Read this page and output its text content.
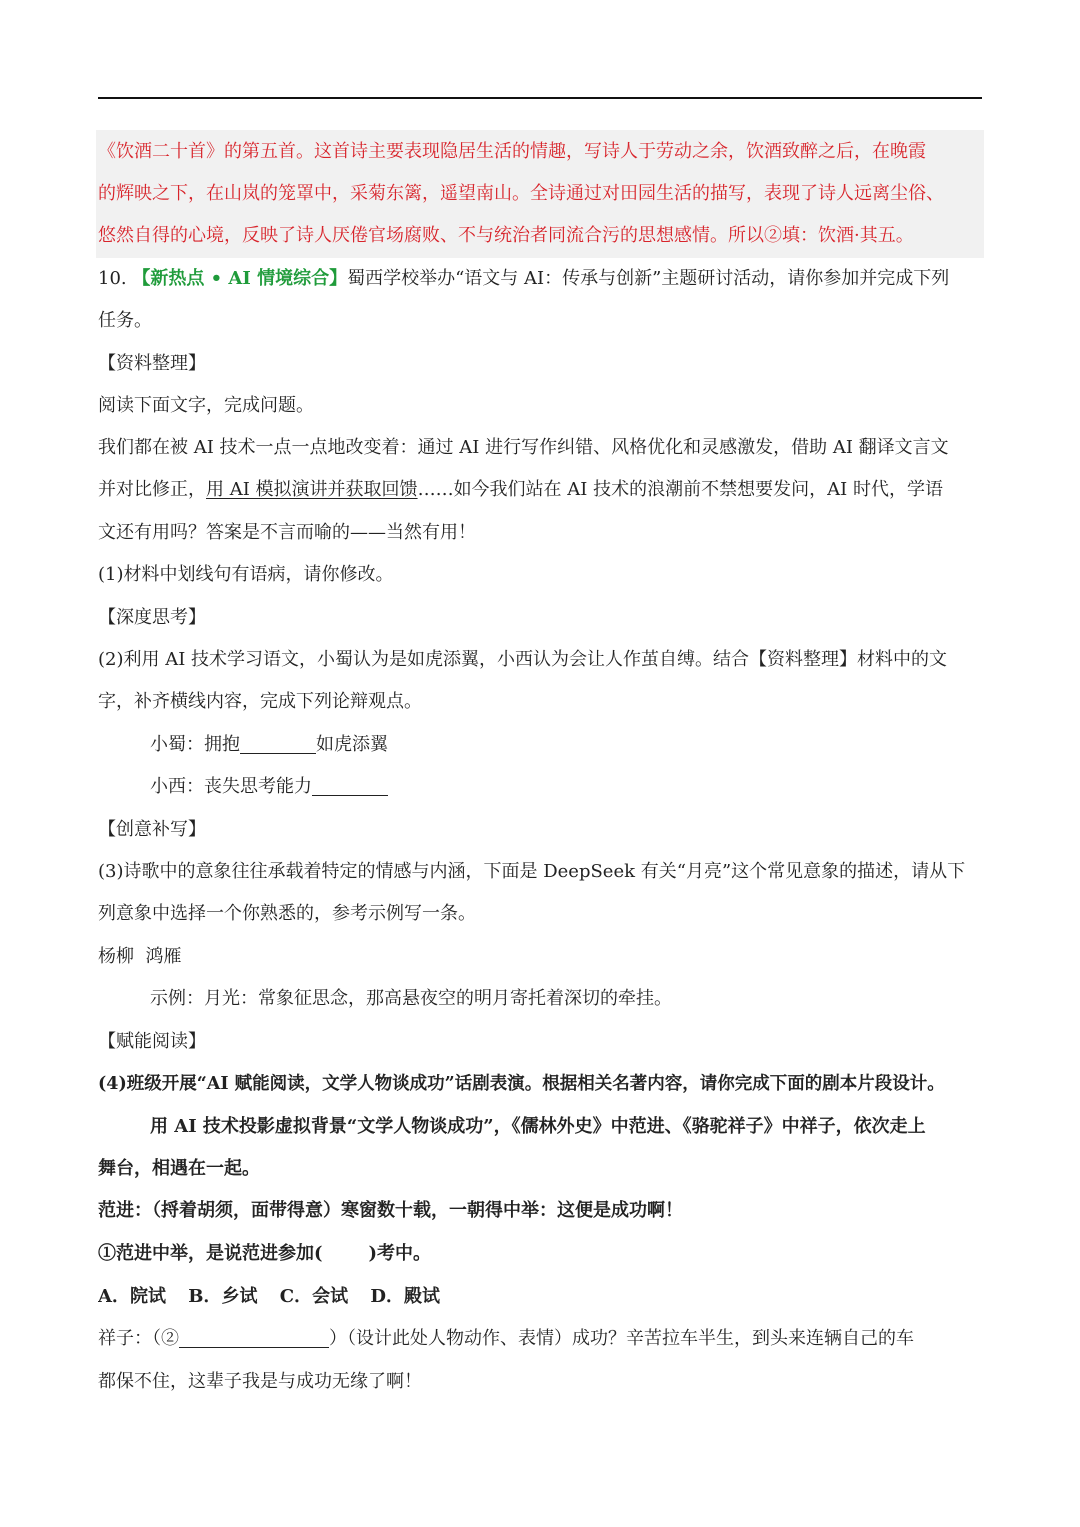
《饮酒二十首》的第五首。这首诗主要表现隐居生活的情趣，写诗人于劳动之余，饮酒致醉之后，在晚霞
的辉映之下，在山岚的笼罩中，采菊东篱，遥望南山。全诗通过对田园生活的描写，表现了诗人远离尘俗、
悠然自得的心境，反映了诗人厌倦官场腐败、不与统治者同流合污的思想感情。所以②填：饮酒·其五。
10. 【新热点 • AI 情境综合】蜀西学校举办“语文与 AI：传承与创新”主题研讨活动，请你参加并完成下列
任务。
【资料整理】
阅读下面文字，完成问题。
我们都在被 AI 技术一点一点地改变着：通过 AI 进行写作纠错、风格优化和灵感激发，借助 AI 翻译文言文
并对比修正，用 AI 模拟演讲并获取回馈……如今我们站在 AI 技术的浪潮前不禁想要发问，AI 时代，学语
文还有用吗？答案是不言而喻的——当然有用！
(1)材料中划线句有语病，请你修改。
【深度思考】
(2)利用 AI 技术学习语文，小蜀认为是如虎添翼，小西认为会让人作茧自缚。结合【资料整理】材料中的文
字，补齐横线内容，完成下列论辩观点。
小蜀：拥抱	如虎添翼
小西：丧失思考能力
【创意补写】
(3)诗歌中的意象往往承载着特定的情感与内涵，下面是 DeepSeek 有关“月亮”这个常见意象的描述，请从下
列意象中选择一个你熟悉的，参考示例写一条。
杨柳  鸿雁
示例：月光：常象征思念，那高悬夜空的明月寄托着深切的牵挂。
【赋能阅读】
(4)班级开展“AI 赋能阅读，文学人物谈成功”话剧表演。根据相关名著内容，请你完成下面的剧本片段设计。
用 AI 技术投影虚拟背景“文学人物谈成功”，《儒林外史》中范进、《骆驼祥子》中祥子，依次走上
舞台，相遇在一起。
范进：（捋着胡须，面带得意）寒窗数十载，一朝得中举：这便是成功啊！
①范进中举，是说范进参加(	)考中。
A．院试 B．乡试 C．会试 D．殿试
祥子：（②	）（设计此处人物动作、表情）成功？辛苦拉车半生，到头来连辆自己的车
都保不住，这辈子我是与成功无缘了啊！
